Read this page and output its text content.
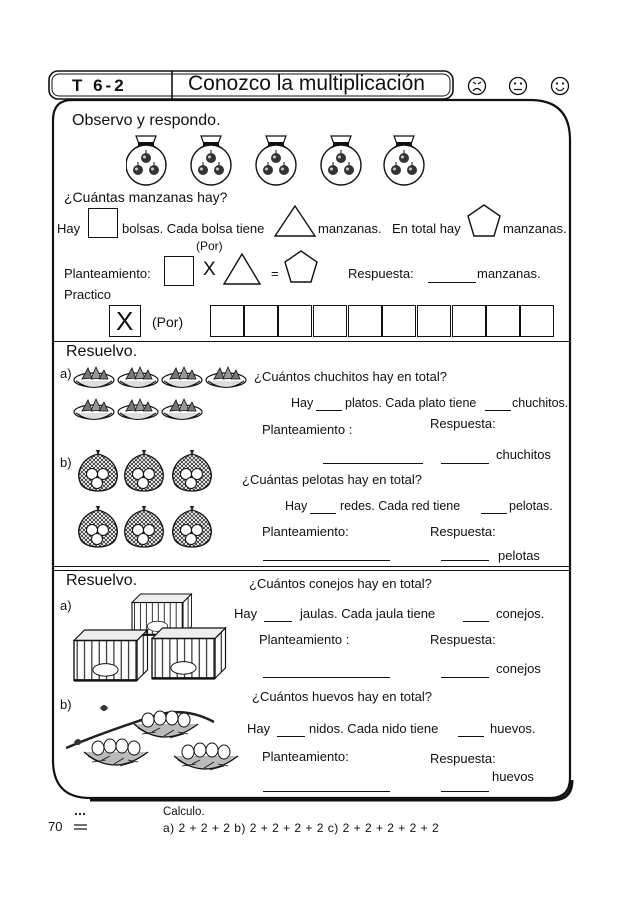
T 6-2	Conozco la multiplicación
Observo y respondo.
¿Cuántas manzanas hay?
Hay	bolsas. Cada bolsa tiene	manzanas. En total hay	manzanas.
(Por)
Planteamiento:	X	=	Respuesta:	manzanas.
Practico
X (Por)
Resuelvo.
a)	¿Cuántos chuchitos hay en total?
Hay	platos. Cada plato tiene	chuchitos.
Planteamiento :	Respuesta:
chuchitos
b)
¿Cuántas pelotas hay en total?
Hay	redes. Cada red tiene	pelotas.
Planteamiento:	Respuesta:
pelotas
Resuelvo.
a)
¿Cuántos conejos hay en total?
Hay	jaulas. Cada jaula tiene	conejos.
Planteamiento :	Respuesta:
conejos
b)
¿Cuántos huevos hay en total?
Hay	nidos. Cada nido tiene	huevos.
Planteamiento:	Respuesta:
huevos
70
Calculo.
a) 2 + 2 + 2 b) 2 + 2 + 2 + 2 c) 2 + 2 + 2 + 2 + 2
